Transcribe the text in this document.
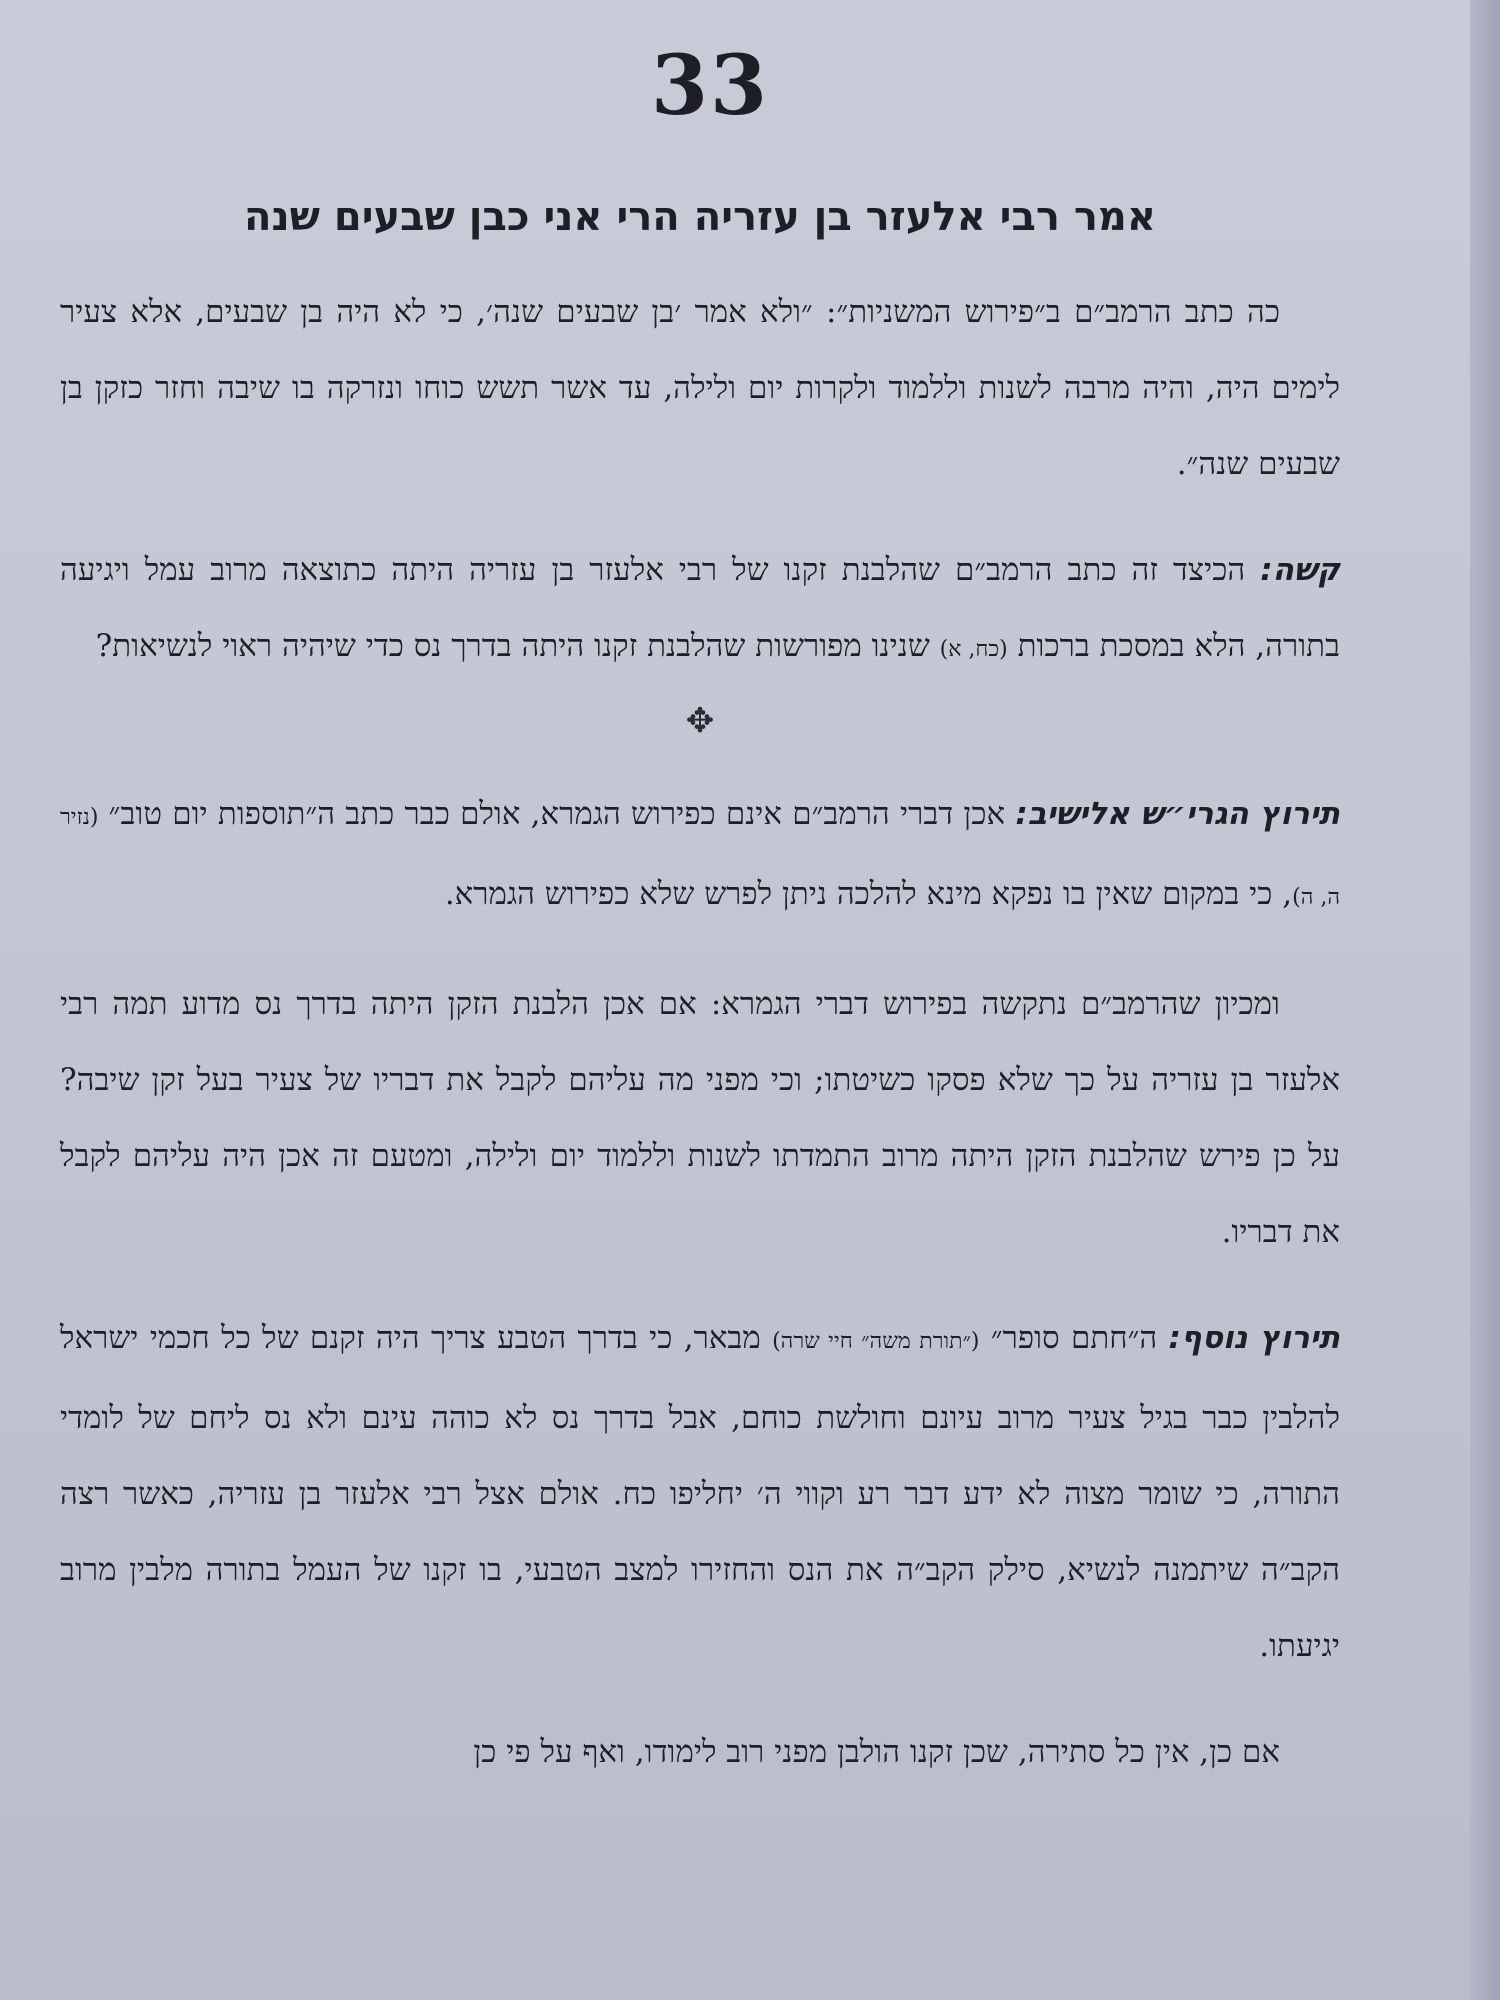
33
אמר רבי אלעזר בן עזריה הרי אני כבן שבעים שנה

כה כתב הרמב״ם ב״פירוש המשניות״: ״ולא אמר ׳בן שבעים שנה׳, כי לא היה בן שבעים, אלא צעיר לימים היה, והיה מרבה לשנות וללמוד ולקרות יום ולילה, עד אשר תשש כוחו ונזרקה בו שיבה וחזר כזקן בן שבעים שנה״.

קשה: הכיצד זה כתב הרמב״ם שהלבנת זקנו של רבי אלעזר בן עזריה היתה כתוצאה מרוב עמל ויגיעה בתורה, הלא במסכת ברכות (כח, א) שנינו מפורשות שהלבנת זקנו היתה בדרך נס כדי שיהיה ראוי לנשיאות?

✥

תירוץ הגרי״ש אלישיב: אכן דברי הרמב״ם אינם כפירוש הגמרא, אולם כבר כתב ה״תוספות יום טוב״ (נזיר ה, ה), כי במקום שאין בו נפקא מינא להלכה ניתן לפרש שלא כפירוש הגמרא.

ומכיון שהרמב״ם נתקשה בפירוש דברי הגמרא: אם אכן הלבנת הזקן היתה בדרך נס מדוע תמה רבי אלעזר בן עזריה על כך שלא פסקו כשיטתו; וכי מפני מה עליהם לקבל את דבריו של צעיר בעל זקן שיבה? על כן פירש שהלבנת הזקן היתה מרוב התמדתו לשנות וללמוד יום ולילה, ומטעם זה אכן היה עליהם לקבל את דבריו.

תירוץ נוסף: ה״חתם סופר״ (״תורת משה״ חיי שרה) מבאר, כי בדרך הטבע צריך היה זקנם של כל חכמי ישראל להלבין כבר בגיל צעיר מרוב עיונם וחולשת כוחם, אבל בדרך נס לא כוהה עינם ולא נס ליחם של לומדי התורה, כי שומר מצוה לא ידע דבר רע וקווי ה׳ יחליפו כח. אולם אצל רבי אלעזר בן עזריה, כאשר רצה הקב״ה שיתמנה לנשיא, סילק הקב״ה את הנס והחזירו למצב הטבעי, בו זקנו של העמל בתורה מלבין מרוב יגיעתו.

אם כן, אין כל סתירה, שכן זקנו הולבן מפני רוב לימודו, ואף על פי כן
